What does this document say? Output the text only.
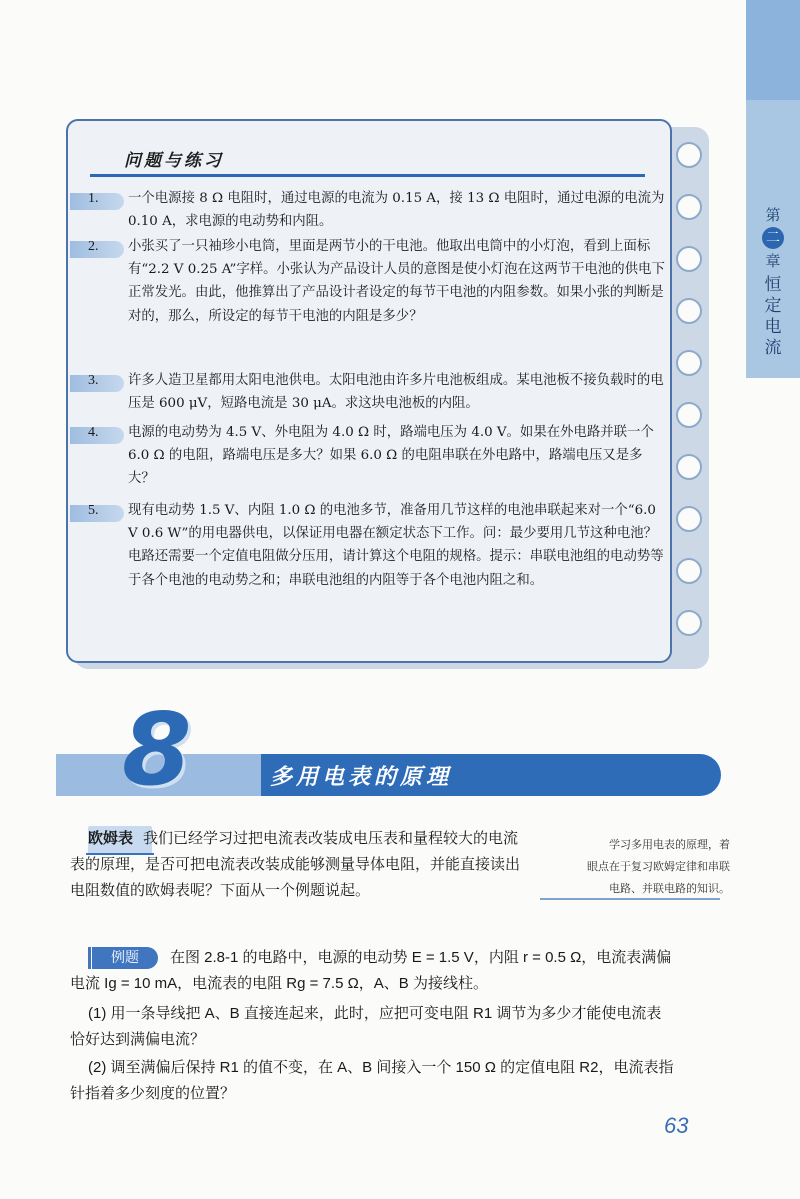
第
二
章
恒定电流
问题与练习
1. 一个电源接 8 Ω 电阻时，通过电源的电流为 0.15 A，接 13 Ω 电阻时，通过电源的电流为 0.10 A，求电源的电动势和内阻。
2. 小张买了一只袖珍小电筒，里面是两节小的干电池。他取出电筒中的小灯泡，看到上面标有“2.2 V 0.25 A”字样。小张认为产品设计人员的意图是使小灯泡在这两节干电池的供电下正常发光。由此，他推算出了产品设计者设定的每节干电池的内阻参数。如果小张的判断是对的，那么，所设定的每节干电池的内阻是多少？
3. 许多人造卫星都用太阳电池供电。太阳电池由许多片电池板组成。某电池板不接负载时的电压是 600 μV，短路电流是 30 μA。求这块电池板的内阻。
4. 电源的电动势为 4.5 V、外电阻为 4.0 Ω 时，路端电压为 4.0 V。如果在外电路并联一个 6.0 Ω 的电阻，路端电压是多大？如果 6.0 Ω 的电阻串联在外电路中，路端电压又是多大？
5. 现有电动势 1.5 V、内阻 1.0 Ω 的电池多节，准备用几节这样的电池串联起来对一个“6.0 V 0.6 W”的用电器供电，以保证用电器在额定状态下工作。问：最少要用几节这种电池？电路还需要一个定值电阻做分压用，请计算这个电阻的规格。提示：串联电池组的电动势等于各个电池的电动势之和；串联电池组的内阻等于各个电池内阻之和。
8	多用电表的原理
欧姆表 我们已经学习过把电流表改装成电压表和量程较大的电流表的原理，是否可把电流表改装成能够测量导体电阻，并能直接读出电阻数值的欧姆表呢？下面从一个例题说起。
学习多用电表的原理，着
眼点在于复习欧姆定律和串联
电路、并联电路的知识。
例题	在图 2.8-1 的电路中，电源的电动势 E = 1.5 V，内阻 r = 0.5 Ω，电流表满偏
电流 Ig = 10 mA，电流表的电阻 Rg = 7.5 Ω，A、B 为接线柱。
(1) 用一条导线把 A、B 直接连起来，此时，应把可变电阻 R1 调节为多少才能使电流表
恰好达到满偏电流？
(2) 调至满偏后保持 R1 的值不变，在 A、B 间接入一个 150 Ω 的定值电阻 R2，电流表指
针指着多少刻度的位置？
63
